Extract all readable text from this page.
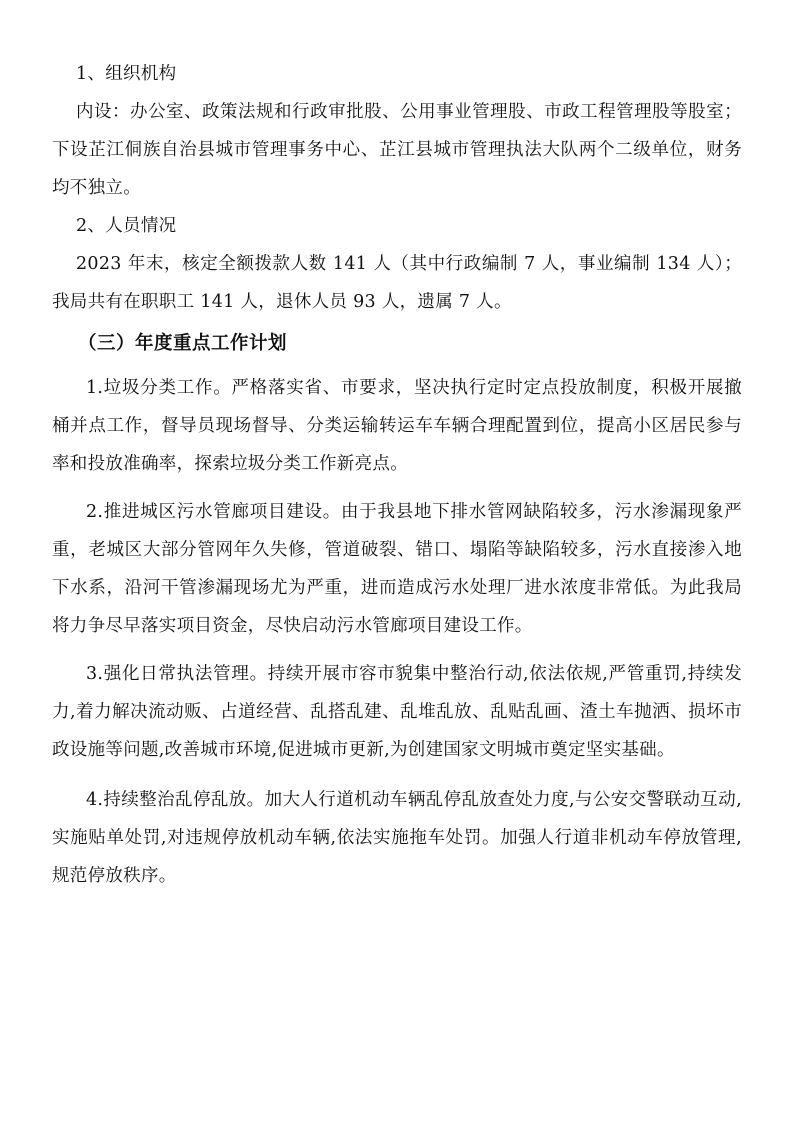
1、组织机构

内设：办公室、政策法规和行政审批股、公用事业管理股、市政工程管理股等股室；下设芷江侗族自治县城市管理事务中心、芷江县城市管理执法大队两个二级单位，财务均不独立。

2、人员情况

2023 年末，核定全额拨款人数 141 人（其中行政编制 7 人，事业编制 134 人）；我局共有在职职工 141 人，退休人员 93 人，遗属 7 人。

（三）年度重点工作计划

1.垃圾分类工作。严格落实省、市要求，坚决执行定时定点投放制度，积极开展撤桶并点工作，督导员现场督导、分类运输转运车车辆合理配置到位，提高小区居民参与率和投放准确率，探索垃圾分类工作新亮点。

2.推进城区污水管廊项目建设。由于我县地下排水管网缺陷较多，污水渗漏现象严重，老城区大部分管网年久失修，管道破裂、错口、塌陷等缺陷较多，污水直接渗入地下水系，沿河干管渗漏现场尤为严重，进而造成污水处理厂进水浓度非常低。为此我局将力争尽早落实项目资金，尽快启动污水管廊项目建设工作。

3.强化日常执法管理。持续开展市容市貌集中整治行动,依法依规,严管重罚,持续发力,着力解决流动贩、占道经营、乱搭乱建、乱堆乱放、乱贴乱画、渣土车抛洒、损坏市政设施等问题,改善城市环境,促进城市更新,为创建国家文明城市奠定坚实基础。

4.持续整治乱停乱放。加大人行道机动车辆乱停乱放查处力度,与公安交警联动互动,实施贴单处罚,对违规停放机动车辆,依法实施拖车处罚。加强人行道非机动车停放管理,规范停放秩序。
